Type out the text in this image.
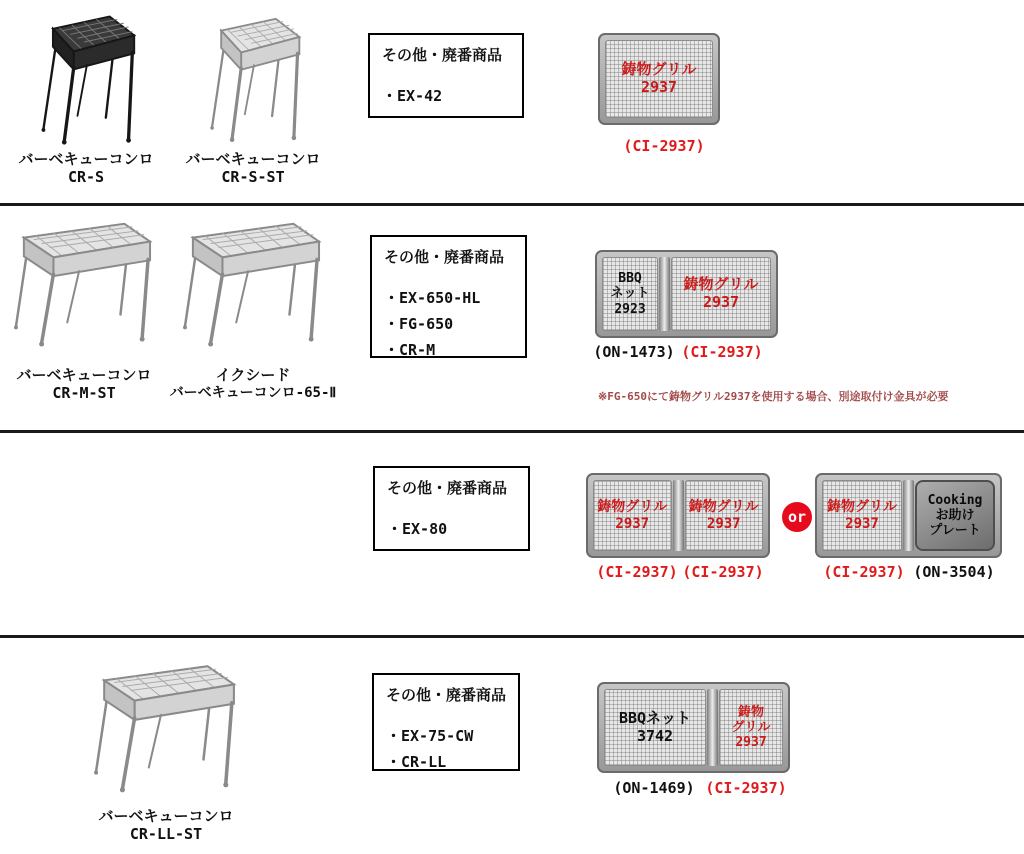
バーベキューコンロ
CR-S
バーベキューコンロ
CR-S-ST
その他・廃番商品
・EX-42
鋳物グリル
2937
(CI-2937)
バーベキューコンロ
CR-M-ST
イクシード
バーベキューコンロ-65-Ⅱ
その他・廃番商品
・EX-650-HL
・FG-650
・CR-M
BBQ
ネット
2923
鋳物グリル
2937
(ON-1473) (CI-2937)
※FG-650にて鋳物グリル2937を使用する場合、別途取付け金具が必要
その他・廃番商品
・EX-80
鋳物グリル
2937
鋳物グリル
2937
(CI-2937) (CI-2937)
or
鋳物グリル
2937
Cooking
お助け
プレート
(CI-2937) (ON-3504)
バーベキューコンロ
CR-LL-ST
その他・廃番商品
・EX-75-CW
・CR-LL
BBQネット
3742
鋳物
グリル
2937
(ON-1469) (CI-2937)
